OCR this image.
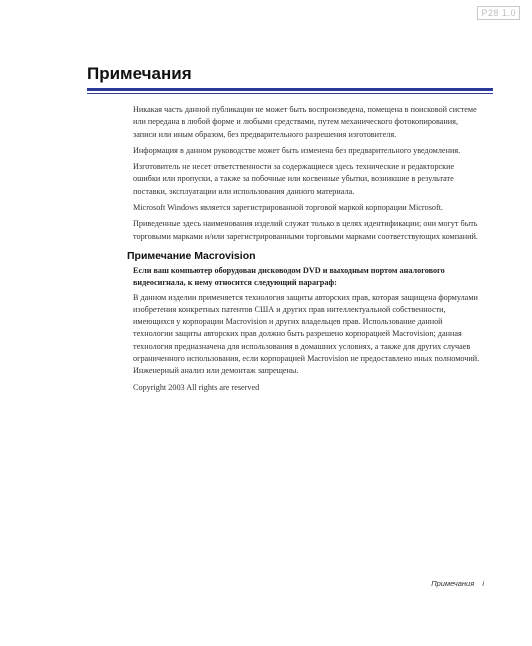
P28 1.0
Примечания

Никакая часть данной публикации не может быть воспроизведена, помещена в поисковой системе или передана в любой форме и любыми средствами, путем механического фотокопирования, записи или иным образом, без предварительного разрешения изготовителя.

Информация в данном руководстве может быть изменена без предварительного уведомления.

Изготовитель не несет ответственности за содержащиеся здесь технические и редакторские ошибки или пропуски, а также за побочные или косвенные убытки, возникшие в результате поставки, эксплуатации или использования данного материала.

Microsoft Windows является зарегистрированной торговой маркой корпорации Microsoft.

Приведенные здесь наименования изделий служат только в целях идентификации; они могут быть торговыми марками и/или зарегистрированными торговыми марками соответствующих компаний.

Примечание Macrovision

Если ваш компьютер оборудован дисководом DVD и выходным портом аналогового видеосигнала, к нему относится следующий параграф:

В данном изделии применяется технология защиты авторских прав, которая защищена формулами изобретения конкретных патентов США и других прав интеллектуальной собственности, имеющихся у корпорации Macrovision и других владельцев прав. Использование данной технологии защиты авторских прав должно быть разрешено корпорацией Macrovision; данная технология предназначена для использования в домашних условиях, а также для других случаев ограниченного использования, если корпорацией Macrovision не предоставлено иных полномочий. Инженерный анализ или демонтаж запрещены.

Copyright 2003 All rights are reserved

Примечания i
